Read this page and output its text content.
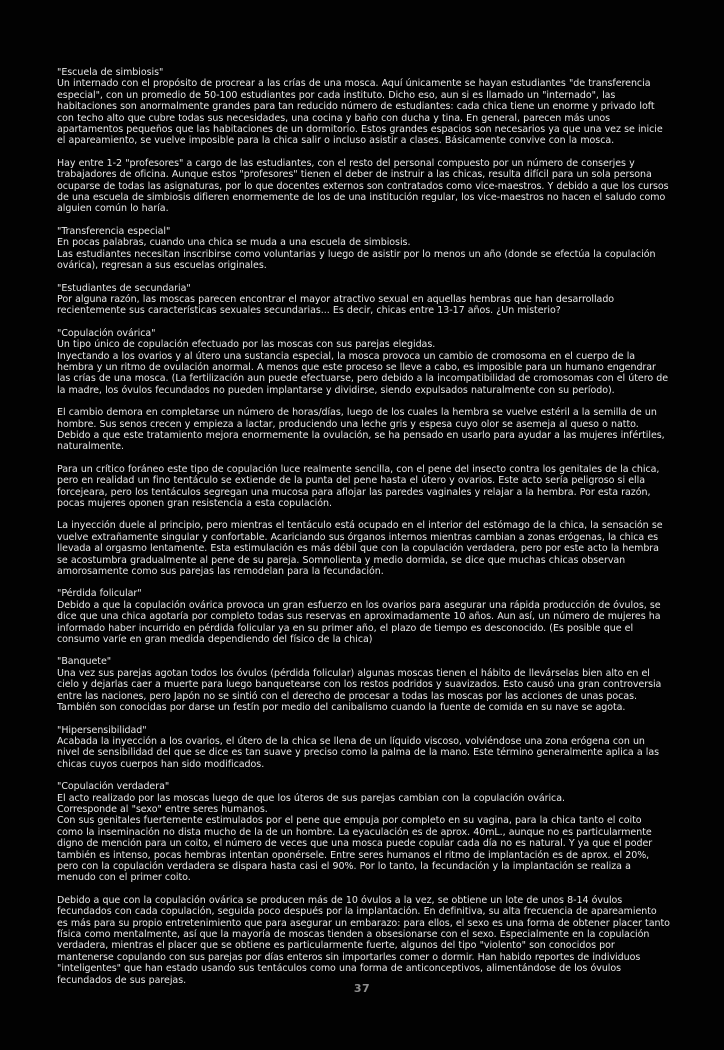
"Escuela de simbiosis"
Un internado con el propósito de procrear a las crías de una mosca. Aquí únicamente se hayan estudiantes "de transferencia especial", con un promedio de 50-100 estudiantes por cada instituto. Dicho eso, aun si es llamado un "internado", las habitaciones son anormalmente grandes para tan reducido número de estudiantes: cada chica tiene un enorme y privado loft con techo alto que cubre todas sus necesidades, una cocina y baño con ducha y tina. En general, parecen más unos apartamentos pequeños que las habitaciones de un dormitorio. Estos grandes espacios son necesarios ya que una vez se inicie el apareamiento, se vuelve imposible para la chica salir o incluso asistir a clases. Básicamente convive con la mosca.
Hay entre 1-2 "profesores" a cargo de las estudiantes, con el resto del personal compuesto por un número de conserjes y trabajadores de oficina. Aunque estos "profesores" tienen el deber de instruir a las chicas, resulta difícil para un sola persona ocuparse de todas las asignaturas, por lo que docentes externos son contratados como vice-maestros. Y debido a que los cursos de una escuela de simbiosis difieren enormemente de los de una institución regular, los vice-maestros no hacen el saludo como alguien común lo haría.
"Transferencia especial"
En pocas palabras, cuando una chica se muda a una escuela de simbiosis.
Las estudiantes necesitan inscribirse como voluntarias y luego de asistir por lo menos un año (donde se efectúa la copulación ovárica), regresan a sus escuelas originales.
"Estudiantes de secundaria"
Por alguna razón, las moscas parecen encontrar el mayor atractivo sexual en aquellas hembras que han desarrollado recientemente sus características sexuales secundarias... Es decir, chicas entre 13-17 años. ¿Un misterio?
"Copulación ovárica"
Un tipo único de copulación efectuado por las moscas con sus parejas elegidas.
Inyectando a los ovarios y al útero una sustancia especial, la mosca provoca un cambio de cromosoma en el cuerpo de la hembra y un ritmo de ovulación anormal. A menos que este proceso se lleve a cabo, es imposible para un humano engendrar las crías de una mosca. (La fertilización aun puede efectuarse, pero debido a la incompatibilidad de cromosomas con el útero de la madre, los óvulos fecundados no pueden implantarse y dividirse, siendo expulsados naturalmente con su período).
El cambio demora en completarse un número de horas/días, luego de los cuales la hembra se vuelve estéril a la semilla de un hombre. Sus senos crecen y empieza a lactar, produciendo una leche gris y espesa cuyo olor se asemeja al queso o natto.
Debido a que este tratamiento mejora enormemente la ovulación, se ha pensado en usarlo para ayudar a las mujeres infértiles, naturalmente.
Para un crítico foráneo este tipo de copulación luce realmente sencilla, con el pene del insecto contra los genitales de la chica, pero en realidad un fino tentáculo se extiende de la punta del pene hasta el útero y ovarios. Este acto sería peligroso si ella forcejeara, pero los tentáculos segregan una mucosa para aflojar las paredes vaginales y relajar a la hembra. Por esta razón, pocas mujeres oponen gran resistencia a esta copulación.
La inyección duele al principio, pero mientras el tentáculo está ocupado en el interior del estómago de la chica, la sensación se vuelve extrañamente singular y confortable. Acariciando sus órganos internos mientras cambian a zonas erógenas, la chica es llevada al orgasmo lentamente. Esta estimulación es más débil que con la copulación verdadera, pero por este acto la hembra se acostumbra gradualmente al pene de su pareja. Somnolienta y medio dormida, se dice que muchas chicas observan amorosamente como sus parejas las remodelan para la fecundación.
"Pérdida folicular"
Debido a que la copulación ovárica provoca un gran esfuerzo en los ovarios para asegurar una rápida producción de óvulos, se dice que una chica agotaría por completo todas sus reservas en aproximadamente 10 años. Aun así, un número de mujeres ha informado haber incurrido en pérdida folicular ya en su primer año, el plazo de tiempo es desconocido. (Es posible que el consumo varíe en gran medida dependiendo del físico de la chica)
"Banquete"
Una vez sus parejas agotan todos los óvulos (pérdida folicular) algunas moscas tienen el hábito de llevárselas bien alto en el cielo y dejarlas caer a muerte para luego banquetearse con los restos podridos y suavizados. Esto causó una gran controversia entre las naciones, pero Japón no se sintió con el derecho de procesar a todas las moscas por las acciones de unas pocas. También son conocidas por darse un festín por medio del canibalismo cuando la fuente de comida en su nave se agota.
"Hipersensibilidad"
Acabada la inyección a los ovarios, el útero de la chica se llena de un líquido viscoso, volviéndose una zona erógena con un nivel de sensibilidad del que se dice es tan suave y preciso como la palma de la mano. Este término generalmente aplica a las chicas cuyos cuerpos han sido modificados.
"Copulación verdadera"
El acto realizado por las moscas luego de que los úteros de sus parejas cambian con la copulación ovárica.
Corresponde al "sexo" entre seres humanos.
Con sus genitales fuertemente estimulados por el pene que empuja por completo en su vagina, para la chica tanto el coito como la inseminación no dista mucho de la de un hombre. La eyaculación es de aprox. 40mL., aunque no es particularmente digno de mención para un coito, el número de veces que una mosca puede copular cada día no es natural. Y ya que el poder también es intenso, pocas hembras intentan oponérsele. Entre seres humanos el ritmo de implantación es de aprox. el 20%, pero con la copulación verdadera se dispara hasta casi el 90%. Por lo tanto, la fecundación y la implantación se realiza a menudo con el primer coito.
Debido a que con la copulación ovárica se producen más de 10 óvulos a la vez, se obtiene un lote de unos 8-14 óvulos fecundados con cada copulación, seguida poco después por la implantación. En definitiva, su alta frecuencia de apareamiento es más para su propio entretenimiento que para asegurar un embarazo: para ellos, el sexo es una forma de obtener placer tanto física como mentalmente, así que la mayoría de moscas tienden a obsesionarse con el sexo. Especialmente en la copulación verdadera, mientras el placer que se obtiene es particularmente fuerte, algunos del tipo "violento" son conocidos por mantenerse copulando con sus parejas por días enteros sin importarles comer o dormir. Han habido reportes de individuos "inteligentes" que han estado usando sus tentáculos como una forma de anticonceptivos, alimentándose de los óvulos fecundados de sus parejas.
37
